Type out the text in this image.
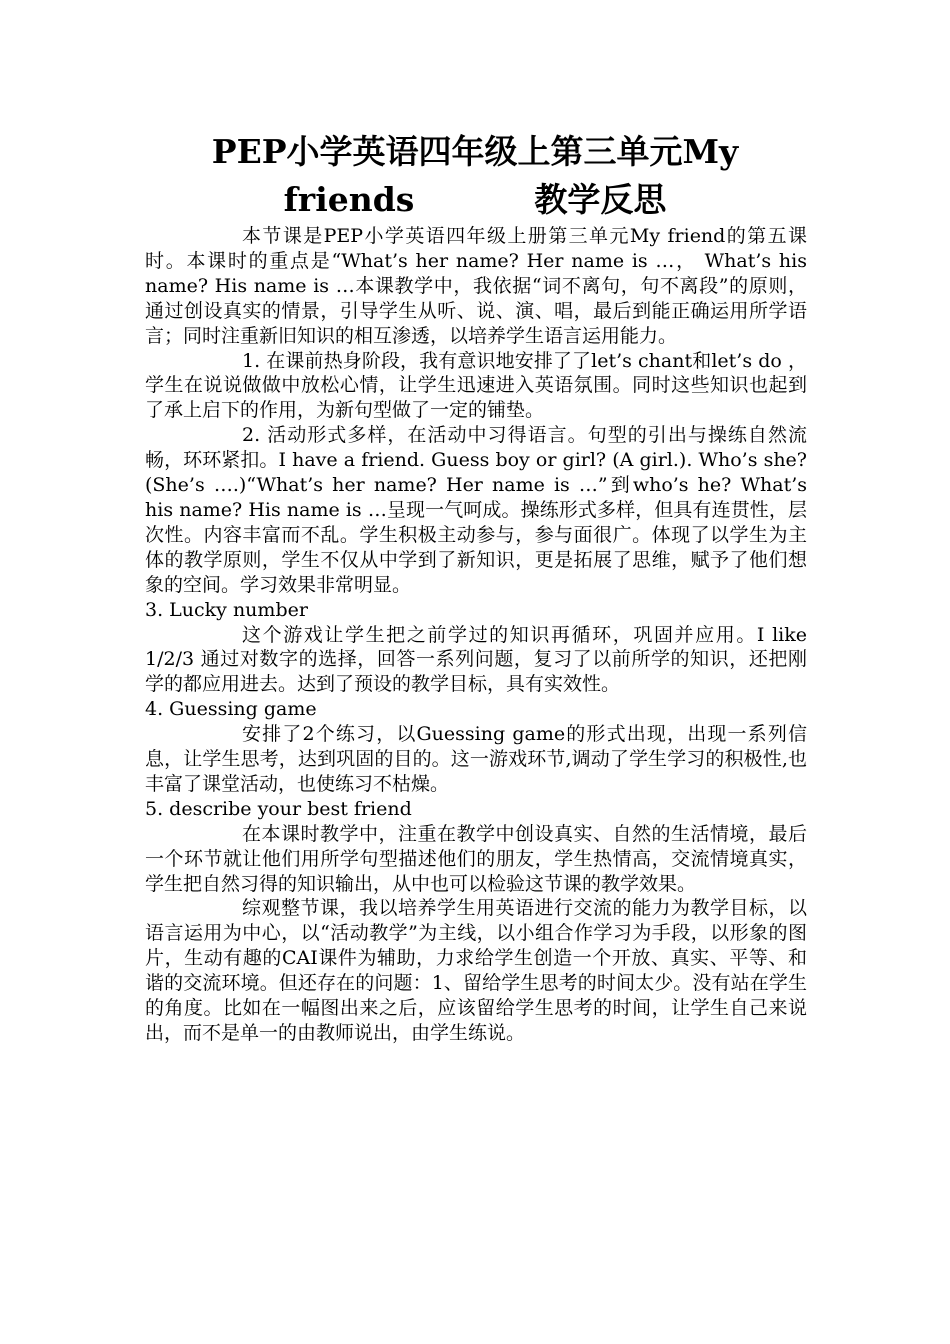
PEP小学英语四年级上第三单元My
friends	教学反思

本节课是PEP小学英语四年级上册第三单元My friend的第五课时。本课时的重点是“What’s her name? Her name is …， What’s his name? His name is …本课教学中，我依据“词不离句，句不离段”的原则，通过创设真实的情景，引导学生从听、说、演、唱，最后到能正确运用所学语言；同时注重新旧知识的相互渗透，以培养学生语言运用能力。

1. 在课前热身阶段，我有意识地安排了了let’s chant和let’s do ，学生在说说做做中放松心情，让学生迅速进入英语氛围。同时这些知识也起到了承上启下的作用，为新句型做了一定的铺垫。

2. 活动形式多样，在活动中习得语言。句型的引出与操练自然流畅，环环紧扣。I have a friend. Guess boy or girl? (A girl.). Who’s she? (She’s ….)“What’s her name? Her name is …”到who’s he? What’s his name? His name is …呈现一气呵成。操练形式多样，但具有连贯性，层次性。内容丰富而不乱。学生积极主动参与，参与面很广。体现了以学生为主体的教学原则，学生不仅从中学到了新知识，更是拓展了思维，赋予了他们想象的空间。学习效果非常明显。

3. Lucky number

这个游戏让学生把之前学过的知识再循环，巩固并应用。I like 1/2/3 通过对数字的选择，回答一系列问题，复习了以前所学的知识，还把刚学的都应用进去。达到了预设的教学目标，具有实效性。

4. Guessing game

安排了2个练习，以Guessing game的形式出现，出现一系列信息，让学生思考，达到巩固的目的。这一游戏环节,调动了学生学习的积极性,也丰富了课堂活动，也使练习不枯燥。

5. describe your best friend

在本课时教学中，注重在教学中创设真实、自然的生活情境，最后一个环节就让他们用所学句型描述他们的朋友，学生热情高，交流情境真实，学生把自然习得的知识输出，从中也可以检验这节课的教学效果。

综观整节课，我以培养学生用英语进行交流的能力为教学目标，以语言运用为中心，以“活动教学”为主线，以小组合作学习为手段，以形象的图片，生动有趣的CAI课件为辅助，力求给学生创造一个开放、真实、平等、和谐的交流环境。但还存在的问题：1、留给学生思考的时间太少。没有站在学生的角度。比如在一幅图出来之后，应该留给学生思考的时间，让学生自己来说出，而不是单一的由教师说出，由学生练说。
